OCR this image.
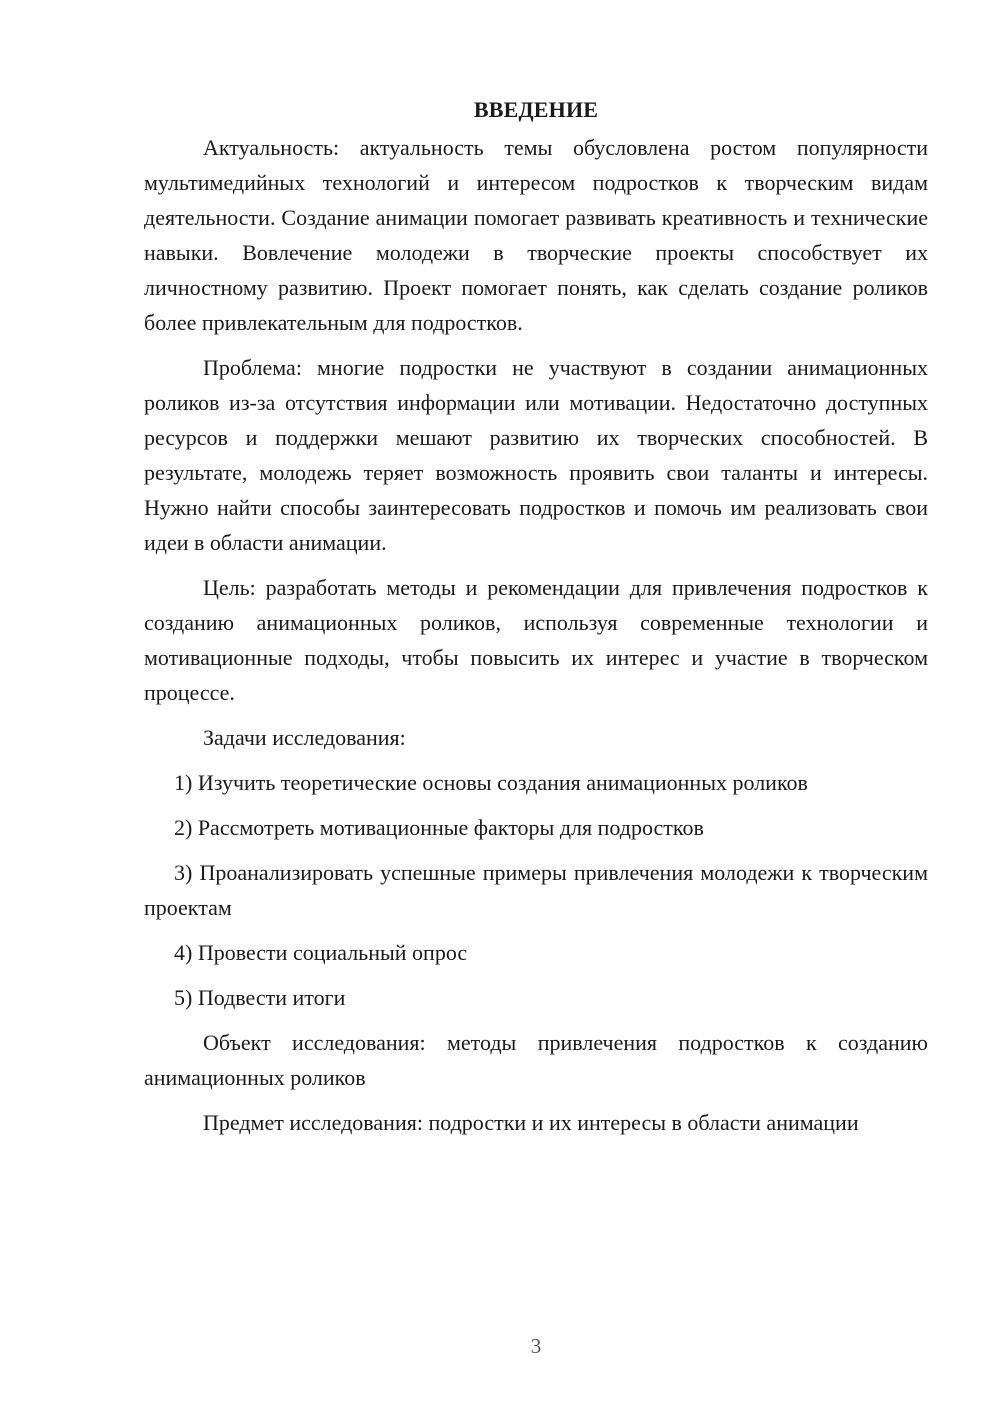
ВВЕДЕНИЕ

Актуальность: актуальность темы обусловлена ростом популярности мультимедийных технологий и интересом подростков к творческим видам деятельности. Создание анимации помогает развивать креативность и технические навыки. Вовлечение молодежи в творческие проекты способствует их личностному развитию. Проект помогает понять, как сделать создание роликов более привлекательным для подростков.

Проблема: многие подростки не участвуют в создании анимационных роликов из-за отсутствия информации или мотивации. Недостаточно доступных ресурсов и поддержки мешают развитию их творческих способностей. В результате, молодежь теряет возможность проявить свои таланты и интересы. Нужно найти способы заинтересовать подростков и помочь им реализовать свои идеи в области анимации.

Цель: разработать методы и рекомендации для привлечения подростков к созданию анимационных роликов, используя современные технологии и мотивационные подходы, чтобы повысить их интерес и участие в творческом процессе.

Задачи исследования:

1) Изучить теоретические основы создания анимационных роликов

2) Рассмотреть мотивационные факторы для подростков

3) Проанализировать успешные примеры привлечения молодежи к творческим проектам

4) Провести социальный опрос

5) Подвести итоги

Объект исследования: методы привлечения подростков к созданию анимационных роликов

Предмет исследования: подростки и их интересы в области анимации

3
